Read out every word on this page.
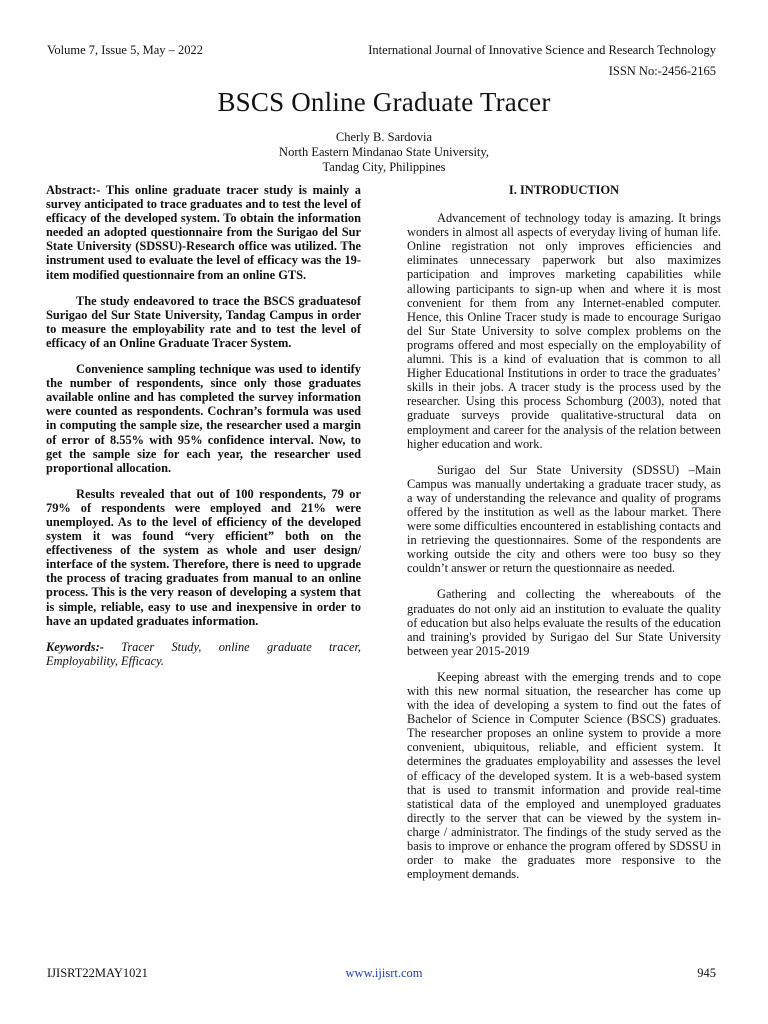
Volume 7, Issue 5, May – 2022	International Journal of Innovative Science and Research Technology
ISSN No:-2456-2165
BSCS Online Graduate Tracer
Cherly B. Sardovia
North Eastern Mindanao State University,
Tandag City, Philippines

Abstract:- This online graduate tracer study is mainly a survey anticipated to trace graduates and to test the level of efficacy of the developed system. To obtain the information needed an adopted questionnaire from the Surigao del Sur State University (SDSSU)-Research office was utilized. The instrument used to evaluate the level of efficacy was the 19-item modified questionnaire from an online GTS.

The study endeavored to trace the BSCS graduatesof Surigao del Sur State University, Tandag Campus in order to measure the employability rate and to test the level of efficacy of an Online Graduate Tracer System.

Convenience sampling technique was used to identify the number of respondents, since only those graduates available online and has completed the survey information were counted as respondents. Cochran’s formula was used in computing the sample size, the researcher used a margin of error of 8.55% with 95% confidence interval. Now, to get the sample size for each year, the researcher used proportional allocation.

Results revealed that out of 100 respondents, 79 or 79% of respondents were employed and 21% were unemployed. As to the level of efficiency of the developed system it was found “very efficient” both on the effectiveness of the system as whole and user design/ interface of the system. Therefore, there is need to upgrade the process of tracing graduates from manual to an online process. This is the very reason of developing a system that is simple, reliable, easy to use and inexpensive in order to have an updated graduates information.

Keywords:- Tracer Study, online graduate tracer, Employability, Efficacy.

I. INTRODUCTION

Advancement of technology today is amazing. It brings wonders in almost all aspects of everyday living of human life. Online registration not only improves efficiencies and eliminates unnecessary paperwork but also maximizes participation and improves marketing capabilities while allowing participants to sign-up when and where it is most convenient for them from any Internet-enabled computer. Hence, this Online Tracer study is made to encourage Surigao del Sur State University to solve complex problems on the programs offered and most especially on the employability of alumni. This is a kind of evaluation that is common to all Higher Educational Institutions in order to trace the graduates’ skills in their jobs. A tracer study is the process used by the researcher. Using this process Schomburg (2003), noted that graduate surveys provide qualitative-structural data on employment and career for the analysis of the relation between higher education and work.

Surigao del Sur State University (SDSSU) –Main Campus was manually undertaking a graduate tracer study, as a way of understanding the relevance and quality of programs offered by the institution as well as the labour market. There were some difficulties encountered in establishing contacts and in retrieving the questionnaires. Some of the respondents are working outside the city and others were too busy so they couldn’t answer or return the questionnaire as needed.

Gathering and collecting the whereabouts of the graduates do not only aid an institution to evaluate the quality of education but also helps evaluate the results of the education and training's provided by Surigao del Sur State University between year 2015-2019

Keeping abreast with the emerging trends and to cope with this new normal situation, the researcher has come up with the idea of developing a system to find out the fates of Bachelor of Science in Computer Science (BSCS) graduates. The researcher proposes an online system to provide a more convenient, ubiquitous, reliable, and efficient system. It determines the graduates employability and assesses the level of efficacy of the developed system. It is a web-based system that is used to transmit information and provide real-time statistical data of the employed and unemployed graduates directly to the server that can be viewed by the system in-charge / administrator. The findings of the study served as the basis to improve or enhance the program offered by SDSSU in order to make the graduates more responsive to the employment demands.

IJISRT22MAY1021	www.ijisrt.com	945
